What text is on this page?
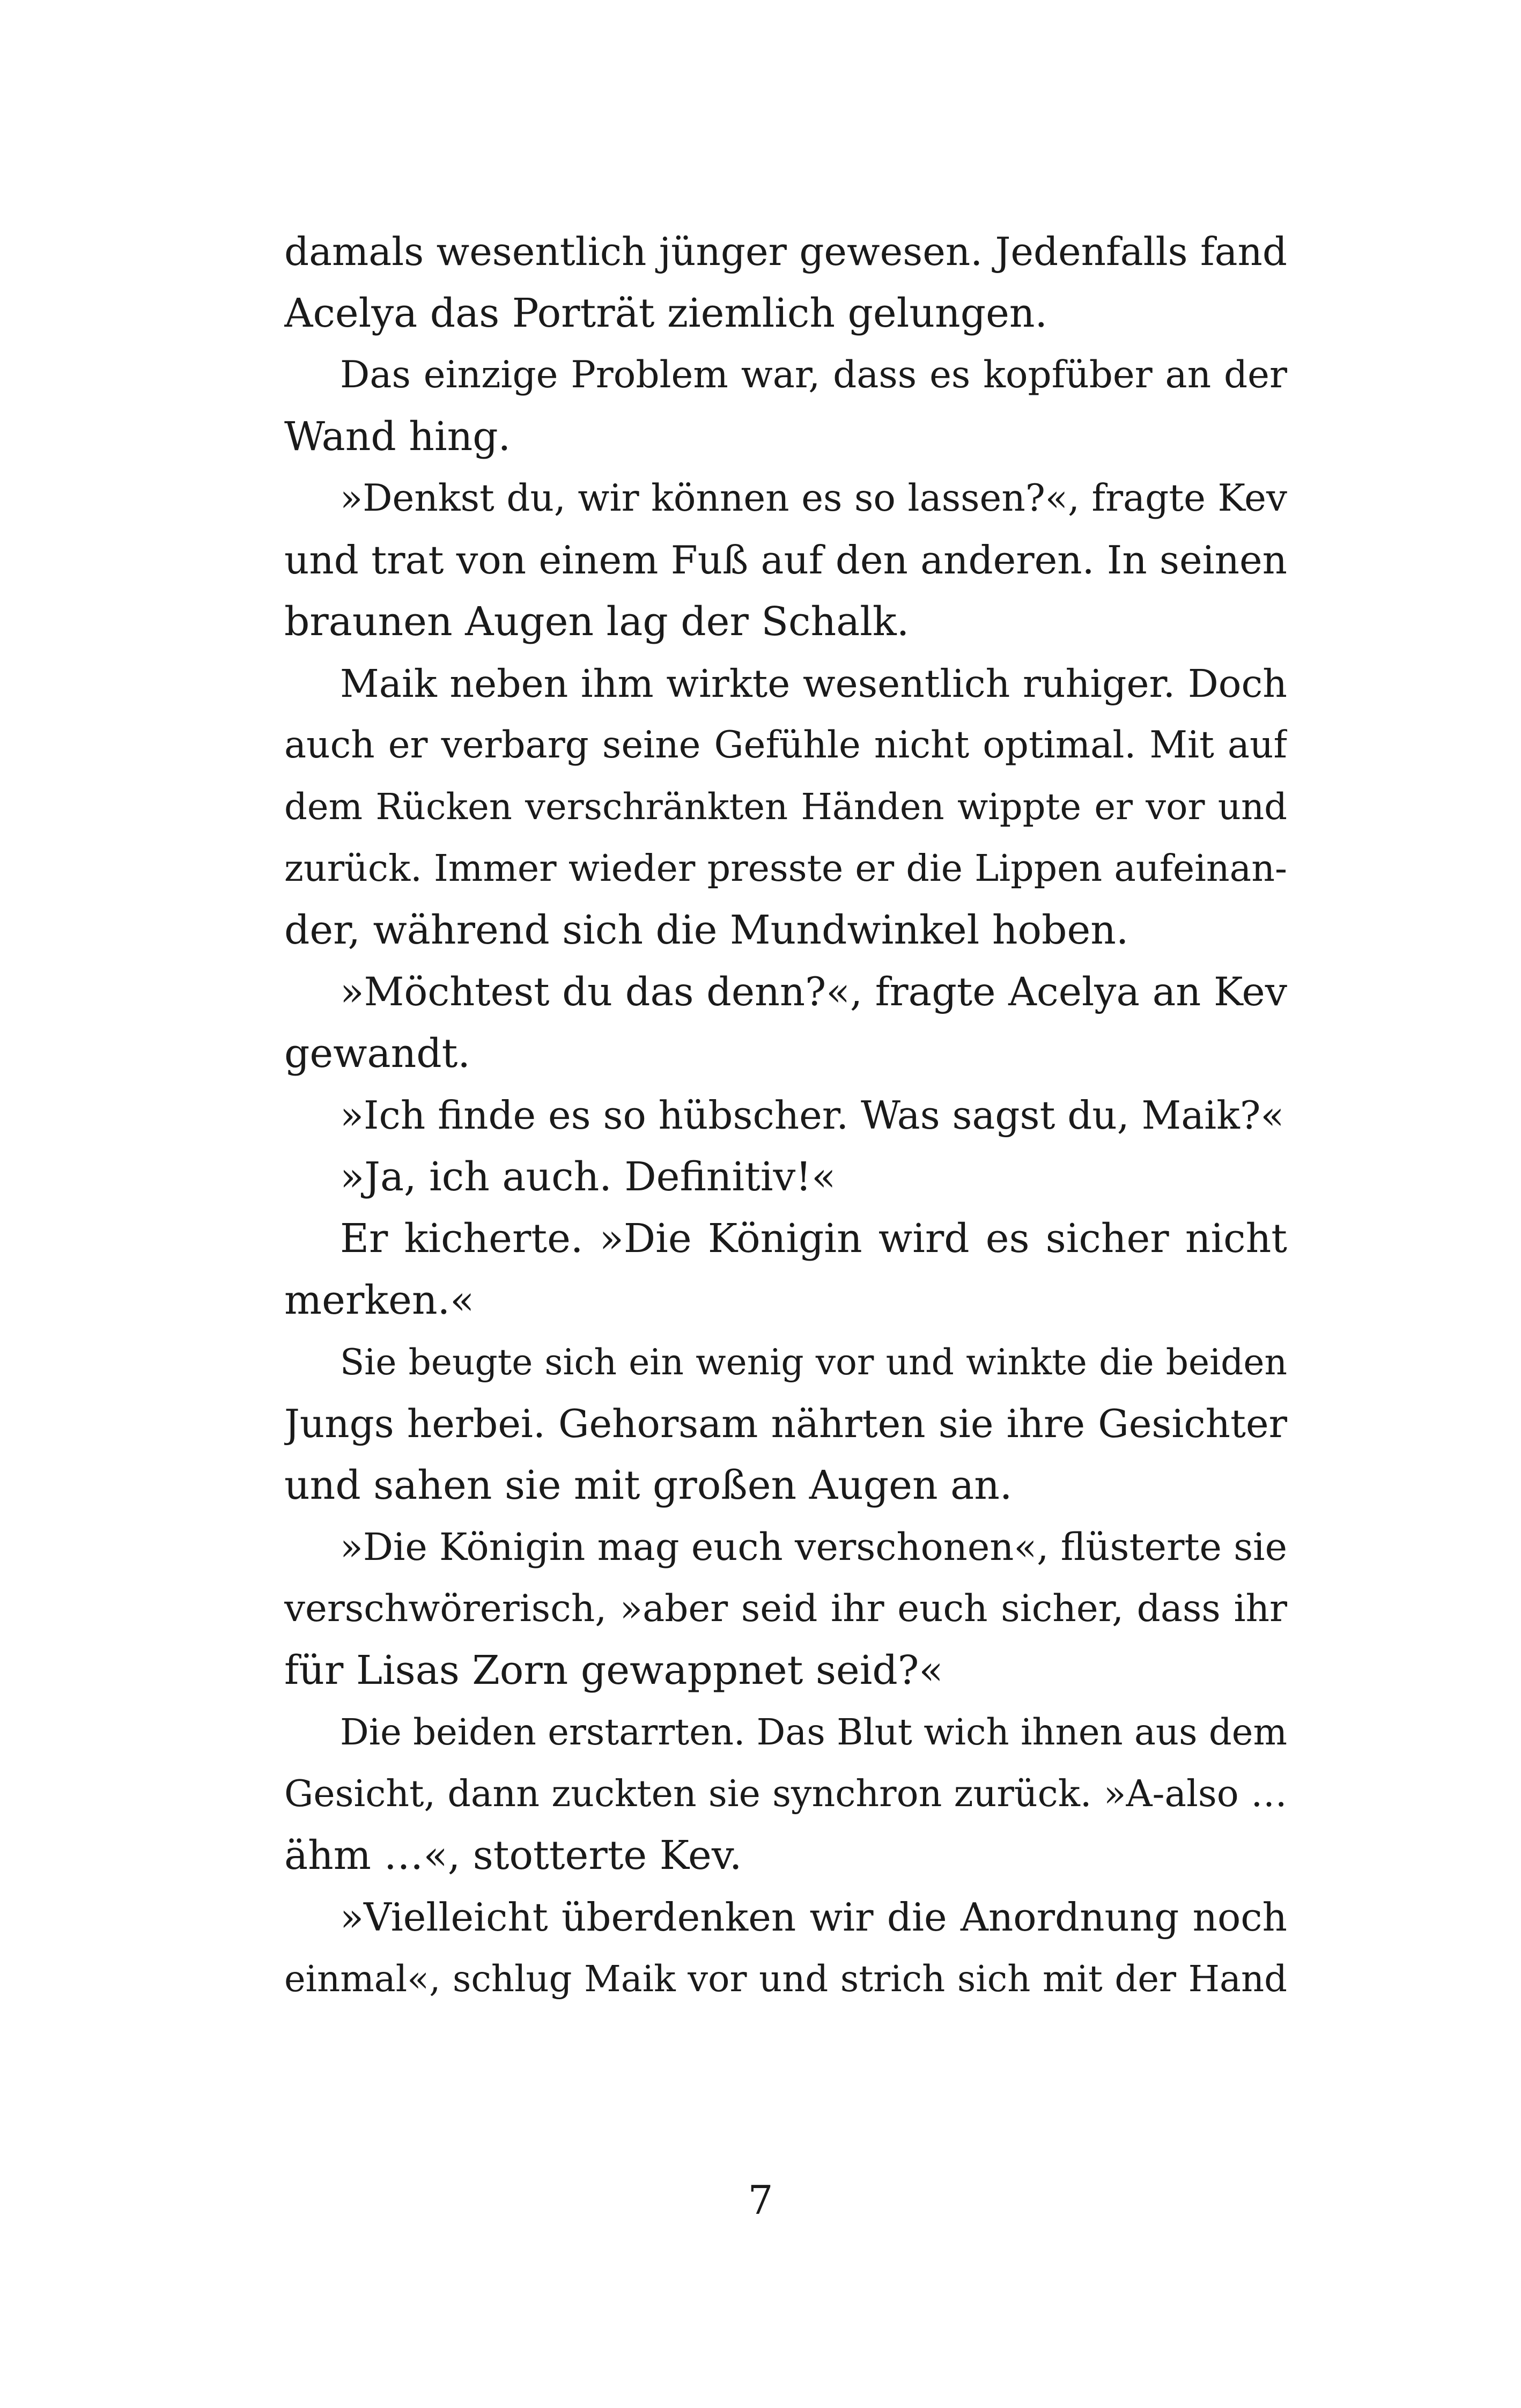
damals wesentlich jünger gewesen. Jedenfalls fand
Acelya das Porträt ziemlich gelungen.
Das einzige Problem war, dass es kopfüber an der
Wand hing.
»Denkst du, wir können es so lassen?«, fragte Kev
und trat von einem Fuß auf den anderen. In seinen
braunen Augen lag der Schalk.
Maik neben ihm wirkte wesentlich ruhiger. Doch
auch er verbarg seine Gefühle nicht optimal. Mit auf
dem Rücken verschränkten Händen wippte er vor und
zurück. Immer wieder presste er die Lippen aufeinan-
der, während sich die Mundwinkel hoben.
»Möchtest du das denn?«, fragte Acelya an Kev
gewandt.
»Ich finde es so hübscher. Was sagst du, Maik?«
»Ja, ich auch. Definitiv!«
Er kicherte. »Die Königin wird es sicher nicht
merken.«
Sie beugte sich ein wenig vor und winkte die beiden
Jungs herbei. Gehorsam nährten sie ihre Gesichter
und sahen sie mit großen Augen an.
»Die Königin mag euch verschonen«, flüsterte sie
verschwörerisch, »aber seid ihr euch sicher, dass ihr
für Lisas Zorn gewappnet seid?«
Die beiden erstarrten. Das Blut wich ihnen aus dem
Gesicht, dann zuckten sie synchron zurück. »A-also …
ähm …«, stotterte Kev.
»Vielleicht überdenken wir die Anordnung noch
einmal«, schlug Maik vor und strich sich mit der Hand
7
